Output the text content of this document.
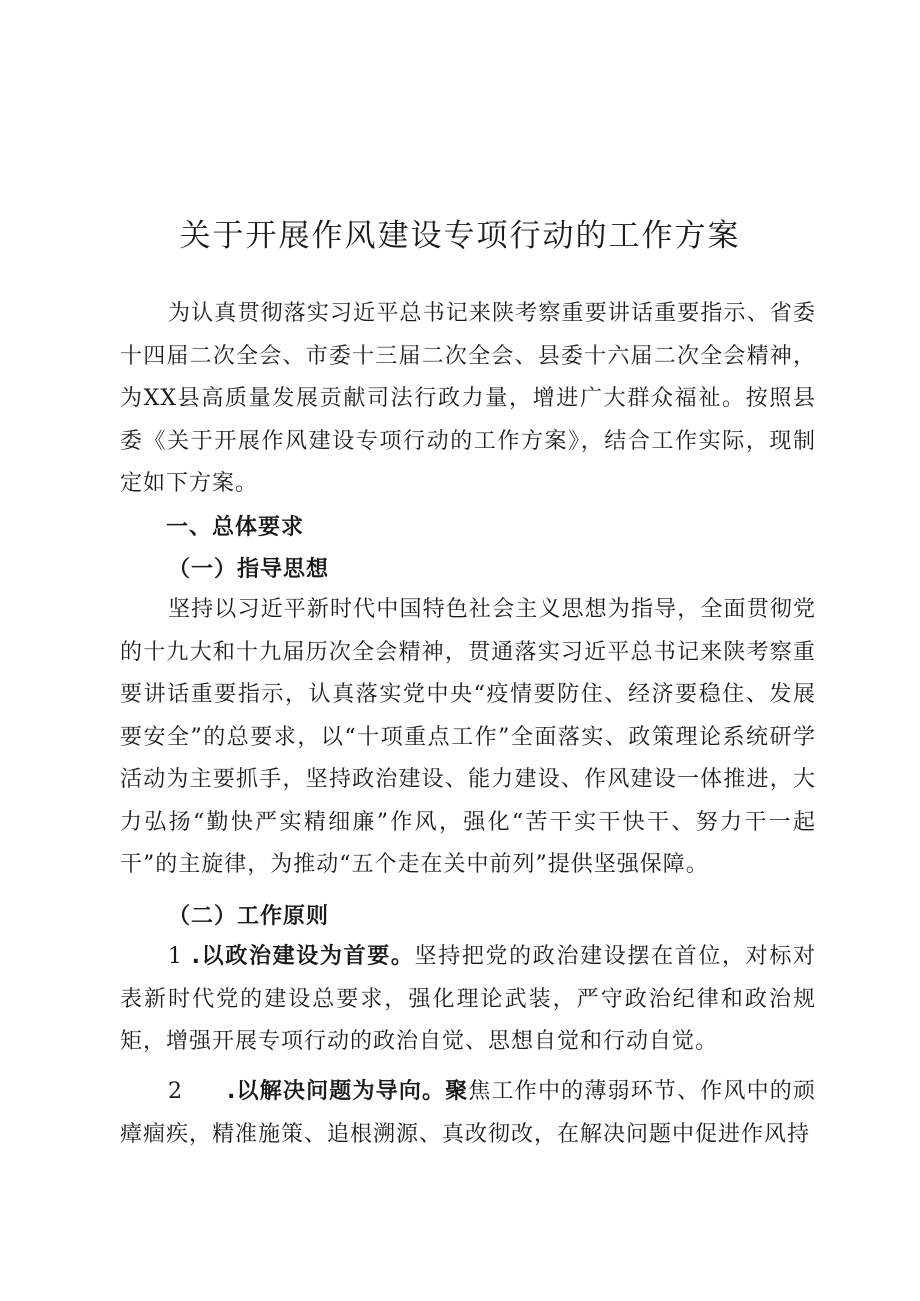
关于开展作风建设专项行动的工作方案

为认真贯彻落实习近平总书记来陕考察重要讲话重要指示、省委十四届二次全会、市委十三届二次全会、县委十六届二次全会精神，为XX县高质量发展贡献司法行政力量，增进广大群众福祉。按照县委《关于开展作风建设专项行动的工作方案》，结合工作实际，现制定如下方案。

一、总体要求
（一）指导思想

坚持以习近平新时代中国特色社会主义思想为指导，全面贯彻党的十九大和十九届历次全会精神，贯通落实习近平总书记来陕考察重要讲话重要指示，认真落实党中央“疫情要防住、经济要稳住、发展要安全”的总要求，以“十项重点工作”全面落实、政策理论系统研学活动为主要抓手，坚持政治建设、能力建设、作风建设一体推进，大力弘扬“勤快严实精细廉”作风，强化“苦干实干快干、努力干一起干”的主旋律，为推动“五个走在关中前列”提供坚强保障。

（二）工作原则

1 .以政治建设为首要。坚持把党的政治建设摆在首位，对标对表新时代党的建设总要求，强化理论武装，严守政治纪律和政治规矩，增强开展专项行动的政治自觉、思想自觉和行动自觉。

2 .以解决问题为导向。聚焦工作中的薄弱环节、作风中的顽瘴痼疾，精准施策、追根溯源、真改彻改，在解决问题中促进作风持
